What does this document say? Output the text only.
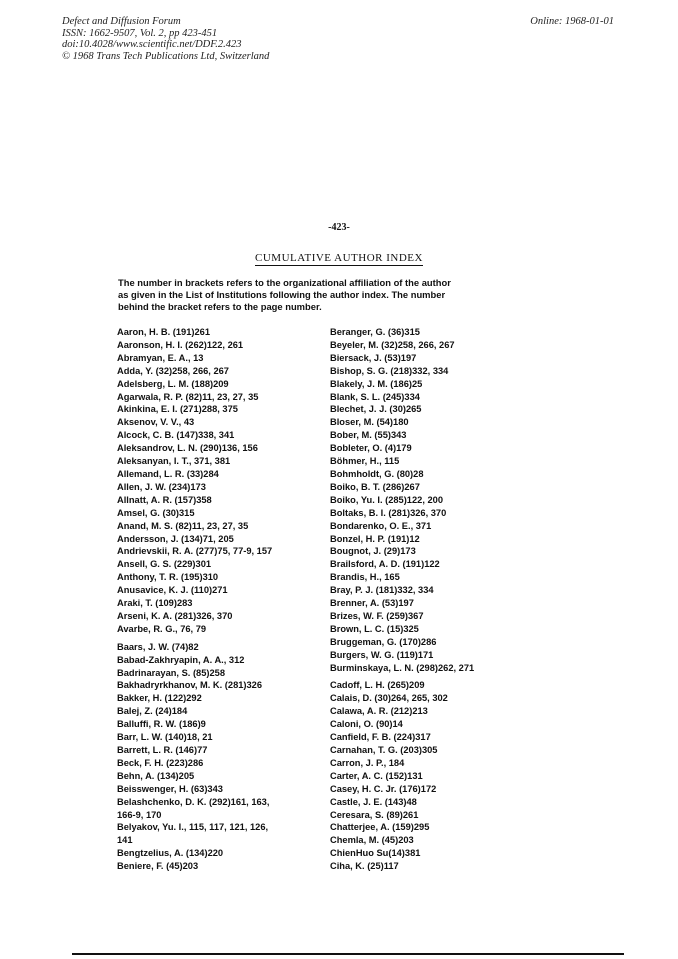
Defect and Diffusion Forum
ISSN: 1662-9507, Vol. 2, pp 423-451
doi:10.4028/www.scientific.net/DDF.2.423
© 1968 Trans Tech Publications Ltd, Switzerland
Online: 1968-01-01
-423-
CUMULATIVE AUTHOR INDEX
The number in brackets refers to the organizational affiliation of the author
as given in the List of Institutions following the author index. The number
behind the bracket refers to the page number.
Aaron, H. B. (191)261
Aaronson, H. I. (262)122, 261
Abramyan, E. A., 13
Adda, Y. (32)258, 266, 267
Adelsberg, L. M. (188)209
Agarwala, R. P. (82)11, 23, 27, 35
Akinkina, E. I. (271)288, 375
Aksenov, V. V., 43
Alcock, C. B. (147)338, 341
Aleksandrov, L. N. (290)136, 156
Aleksanyan, I. T., 371, 381
Allemand, L. R. (33)284
Allen, J. W. (234)173
Allnatt, A. R. (157)358
Amsel, G. (30)315
Anand, M. S. (82)11, 23, 27, 35
Andersson, J. (134)71, 205
Andrievskii, R. A. (277)75, 77-9, 157
Ansell, G. S. (229)301
Anthony, T. R. (195)310
Anusavice, K. J. (110)271
Araki, T. (109)283
Arseni, K. A. (281)326, 370
Avarbe, R. G., 76, 79
Baars, J. W. (74)82
Babad-Zakhryapin, A. A., 312
Badrinarayan, S. (85)258
Bakhadryrkhanov, M. K. (281)326
Bakker, H. (122)292
Balej, Z. (24)184
Balluffi, R. W. (186)9
Barr, L. W. (140)18, 21
Barrett, L. R. (146)77
Beck, F. H. (223)286
Behn, A. (134)205
Beisswenger, H. (63)343
Belashchenko, D. K. (292)161, 163,
166-9, 170
Belyakov, Yu. I., 115, 117, 121, 126,
141
Bengtzelius, A. (134)220
Beniere, F. (45)203
Beranger, G. (36)315
Beyeler, M. (32)258, 266, 267
Biersack, J. (53)197
Bishop, S. G. (218)332, 334
Blakely, J. M. (186)25
Blank, S. L. (245)334
Blechet, J. J. (30)265
Bloser, M. (54)180
Bober, M. (55)343
Bobleter, O. (4)179
Böhmer, H., 115
Bohmholdt, G. (80)28
Boiko, B. T. (286)267
Boiko, Yu. I. (285)122, 200
Boltaks, B. I. (281)326, 370
Bondarenko, O. E., 371
Bonzel, H. P. (191)12
Bougnot, J. (29)173
Brailsford, A. D. (191)122
Brandis, H., 165
Bray, P. J. (181)332, 334
Brenner, A. (53)197
Brizes, W. F. (259)367
Brown, L. C. (15)325
Bruggeman, G. (170)286
Burgers, W. G. (119)171
Burminskaya, L. N. (298)262, 271
Cadoff, L. H. (265)209
Calais, D. (30)264, 265, 302
Calawa, A. R. (212)213
Caloni, O. (90)14
Canfield, F. B. (224)317
Carnahan, T. G. (203)305
Carron, J. P., 184
Carter, A. C. (152)131
Casey, H. C. Jr. (176)172
Castle, J. E. (143)48
Ceresara, S. (89)261
Chatterjee, A. (159)295
Chemla, M. (45)203
ChienHuo Su(14)381
Ciha, K. (25)117
